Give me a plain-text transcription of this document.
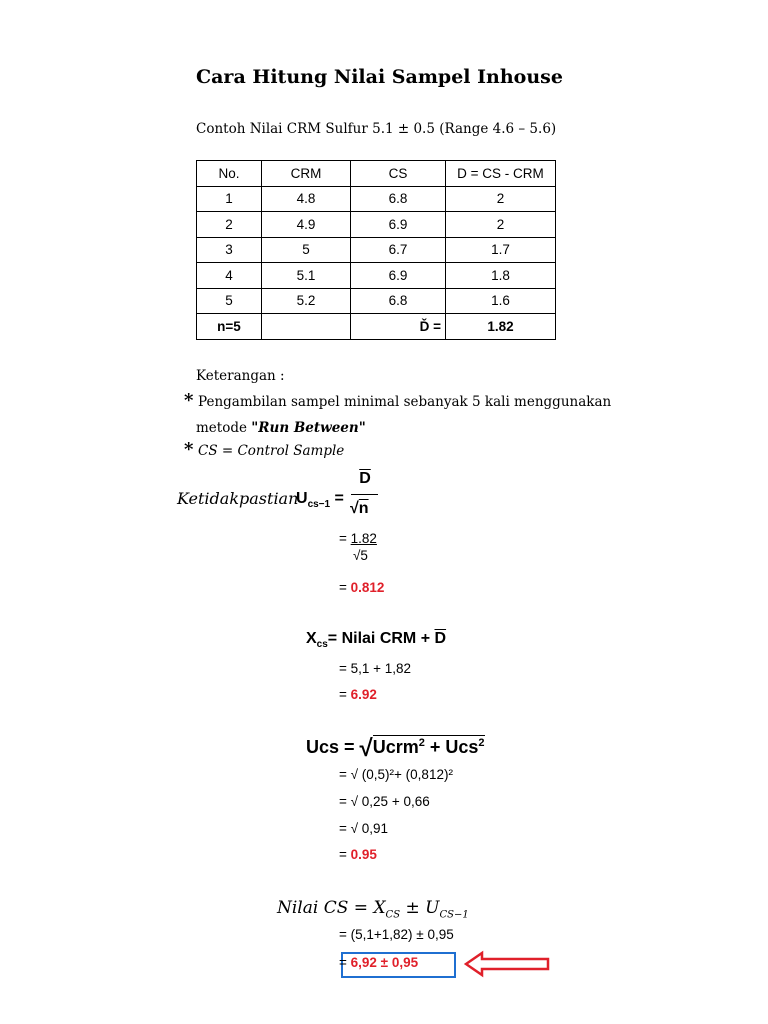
Cara Hitung Nilai Sampel Inhouse
Contoh Nilai CRM Sulfur 5.1 ± 0.5 (Range 4.6 – 5.6)
No.	CRM	CS	D = CS - CRM
1	4.8	6.8	2
2	4.9	6.9	2
3	5	6.7	1.7
4	5.1	6.9	1.8
5	5.2	6.8	1.6
n=5		Ď =	1.82
Keterangan :
* Pengambilan sampel minimal sebanyak 5 kali menggunakan
metode "Run Between"
* CS = Control Sample
Ketidakpastian
$U_{cs-1}$ =
$\overline{D}$
√n
= 1.82
√5
= 0.812
$X_{cs}=$ Nilai CRM + $\overline{D}$
= 5,1 + 1,82
= 6.92
Ucs = √Ucrm$^2$ + Ucs$^2$
= √ (0,5)²+ (0,812)²
= √ 0,25 + 0,66
= √ 0,91
= 0.95
Nilai CS = $X_{CS} \pm U_{CS-1}$
= (5,1+1,82) ± 0,95
= 6,92 ± 0,95
